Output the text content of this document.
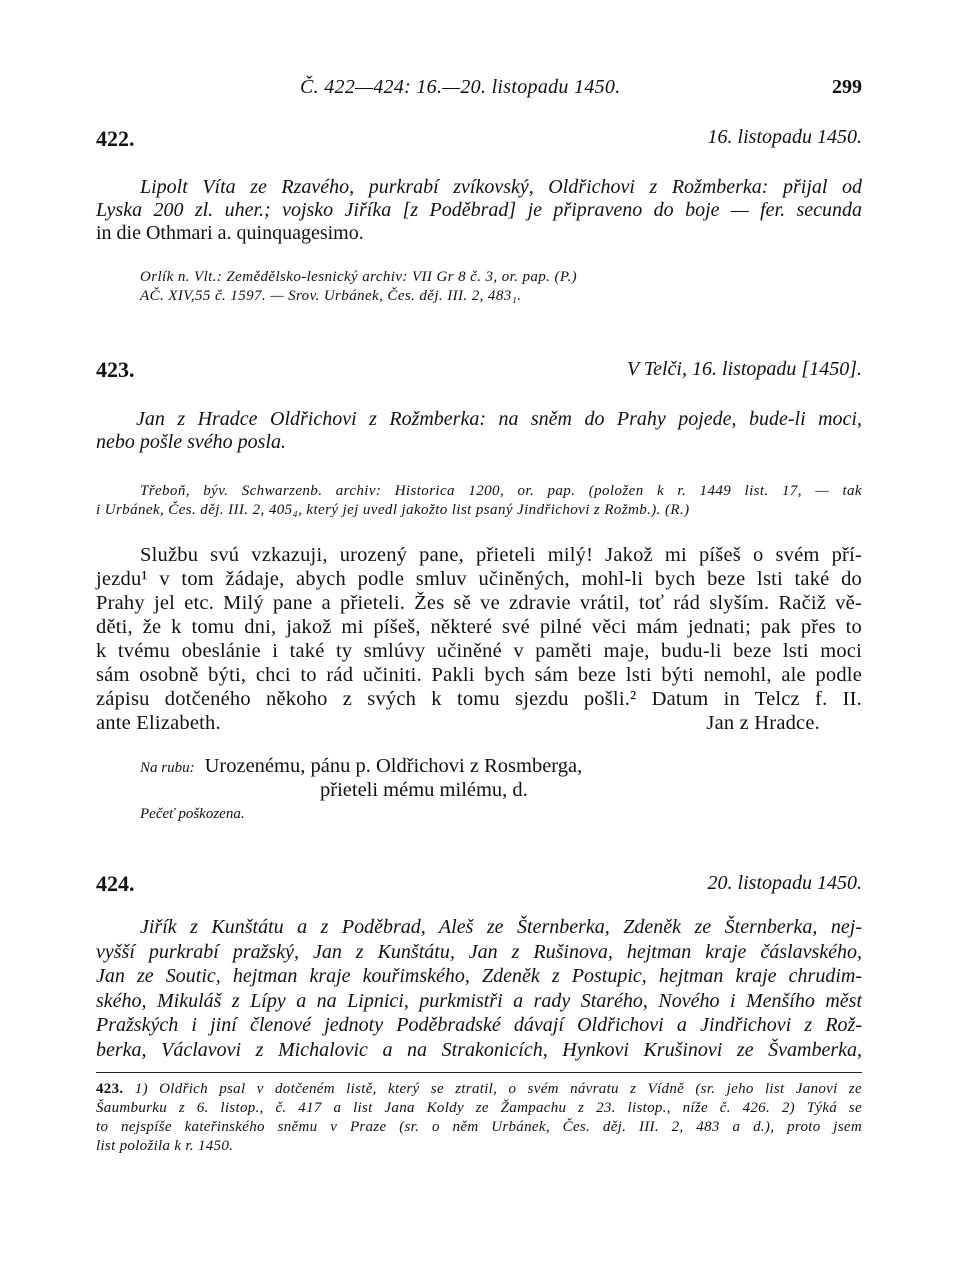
Č. 422—424: 16.—20. listopadu 1450.	299
422.	16. listopadu 1450.
Lipolt Víta ze Rzavého, purkrabí zvíkovský, Oldřichovi z Rožmberka: přijal od
Lyska 200 zl. uher.; vojsko Jiříka [z Poděbrad] je připraveno do boje — fer. secunda
in die Othmari a. quinquagesimo.
Orlík n. Vlt.: Zemědělsko-lesnický archiv: VII Gr 8 č. 3, or. pap. (P.)
AČ. XIV,55 č. 1597. — Srov. Urbánek, Čes. děj. III. 2, 483₁.
423.	V Telči, 16. listopadu [1450].
Jan z Hradce Oldřichovi z Rožmberka: na sněm do Prahy pojede, bude-li moci,
nebo pošle svého posla.
Třeboň, býv. Schwarzenb. archiv: Historica 1200, or. pap. (položen k r. 1449 list. 17, — tak
i Urbánek, Čes. děj. III. 2, 405₄, který jej uvedl jakožto list psaný Jindřichovi z Rožmb.). (R.)
Službu svú vzkazuji, urozený pane, přieteli milý! Jakož mi píšeš o svém pří-
jezdu¹ v tom žádaje, abych podle smluv učiněných, mohl-li bych beze lsti také do
Prahy jel etc. Milý pane a přieteli. Žes sě ve zdravie vrátil, toť rád slyším. Račiž vě-
děti, že k tomu dni, jakož mi píšeš, některé své pilné věci mám jednati; pak přes to
k tvému obeslánie i také ty smlúvy učiněné v paměti maje, budu-li beze lsti moci
sám osobně býti, chci to rád učiniti. Pakli bych sám beze lsti býti nemohl, ale podle
zápisu dotčeného někoho z svých k tomu sjezdu pošli.² Datum in Telcz f. II.
ante Elizabeth.	Jan z Hradce.
Na rubu: Urozenému, pánu p. Oldřichovi z Rosmberga,
přieteli mému milému, d.
Pečeť poškozena.
424.	20. listopadu 1450.
Jiřík z Kunštátu a z Poděbrad, Aleš ze Šternberka, Zdeněk ze Šternberka, nej-
vyšší purkrabí pražský, Jan z Kunštátu, Jan z Rušinova, hejtman kraje čáslavského,
Jan ze Soutic, hejtman kraje kouřimského, Zdeněk z Postupic, hejtman kraje chrudim-
ského, Mikuláš z Lípy a na Lipnici, purkmistři a rady Starého, Nového i Menšího měst
Pražských i jiní členové jednoty Poděbradské dávají Oldřichovi a Jindřichovi z Rož-
berka, Václavovi z Michalovic a na Strakonicích, Hynkovi Krušinovi ze Švamberka,
423. 1) Oldřich psal v dotčeném listě, který se ztratil, o svém návratu z Vídně (sr. jeho list Janovi ze
Šaumburku z 6. listop., č. 417 a list Jana Koldy ze Žampachu z 23. listop., níže č. 426. 2) Týká se
to nejspíše kateřinského sněmu v Praze (sr. o něm Urbánek, Čes. děj. III. 2, 483 a d.), proto jsem
list položila k r. 1450.
